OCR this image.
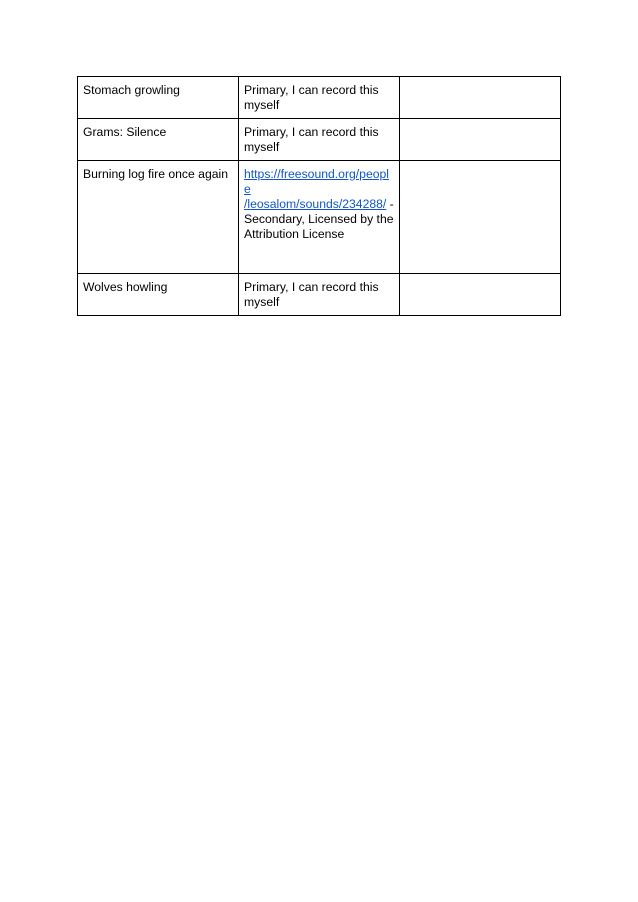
Stomach growling	Primary, I can record this myself	
Grams: Silence	Primary, I can record this myself	
Burning log fire once again	https://freesound.org/people
/leosalom/sounds/234288/ - Secondary, Licensed by the Attribution License	
Wolves howling	Primary, I can record this myself	
